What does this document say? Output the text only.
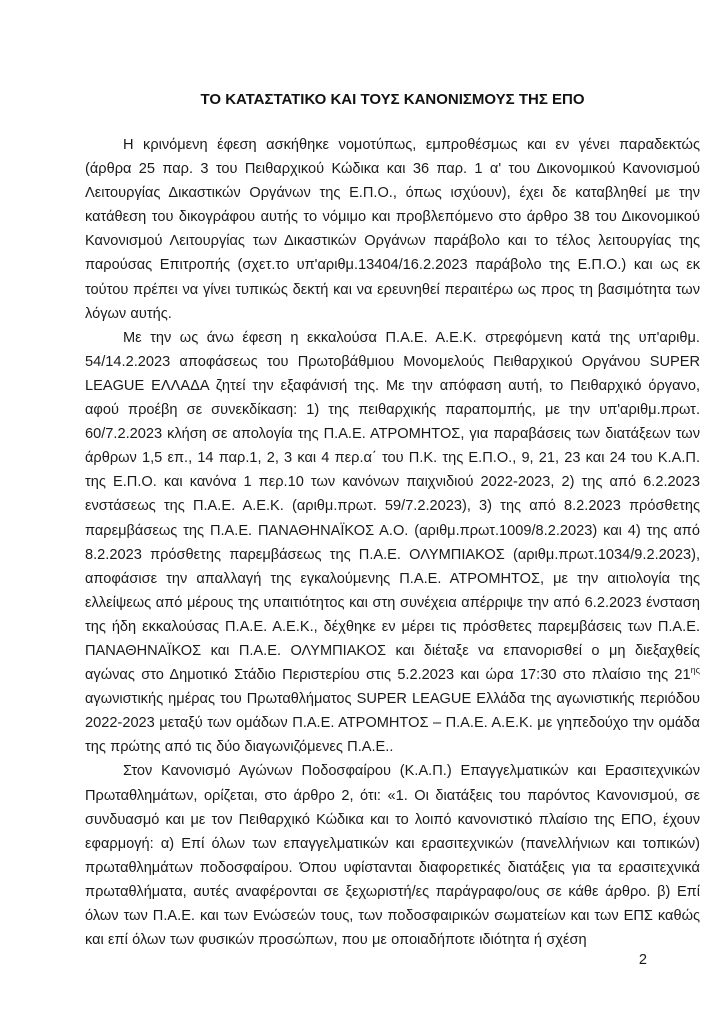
ΤΟ ΚΑΤΑΣΤΑΤΙΚΟ ΚΑΙ ΤΟΥΣ ΚΑΝΟΝΙΣΜΟΥΣ ΤΗΣ ΕΠΟ

Η κρινόμενη έφεση ασκήθηκε νομοτύπως, εμπροθέσμως και εν γένει παραδεκτώς (άρθρα 25 παρ. 3 του Πειθαρχικού Κώδικα και 36 παρ. 1 α' του Δικονομικού Κανονισμού Λειτουργίας Δικαστικών Οργάνων της Ε.Π.Ο., όπως ισχύουν), έχει δε καταβληθεί με την κατάθεση του δικογράφου αυτής το νόμιμο και προβλεπόμενο στο άρθρο 38 του Δικονομικού Κανονισμού Λειτουργίας των Δικαστικών Οργάνων παράβολο και το τέλος λειτουργίας της παρούσας Επιτροπής (σχετ.το υπ'αριθμ.13404/16.2.2023 παράβολο της Ε.Π.Ο.) και ως εκ τούτου πρέπει να γίνει τυπικώς δεκτή και να ερευνηθεί περαιτέρω ως προς τη βασιμότητα των λόγων αυτής.

Με την ως άνω έφεση η εκκαλούσα Π.Α.Ε. Α.Ε.Κ. στρεφόμενη κατά της υπ'αριθμ. 54/14.2.2023 αποφάσεως του Πρωτοβάθμιου Μονομελούς Πειθαρχικού Οργάνου SUPER LEAGUE ΕΛΛΑΔΑ ζητεί την εξαφάνισή της. Με την απόφαση αυτή, το Πειθαρχικό όργανο, αφού προέβη σε συνεκδίκαση: 1) της πειθαρχικής παραπομπής, με την υπ'αριθμ.πρωτ. 60/7.2.2023 κλήση σε απολογία της Π.Α.Ε. ΑΤΡΟΜΗΤΟΣ, για παραβάσεις των διατάξεων των άρθρων 1,5 επ., 14 παρ.1, 2, 3 και 4 περ.α΄ του Π.Κ. της Ε.Π.Ο., 9, 21, 23 και 24 του Κ.Α.Π. της Ε.Π.Ο. και κανόνα 1 περ.10 των κανόνων παιχνιδιού 2022-2023, 2) της από 6.2.2023 ενστάσεως της Π.Α.Ε. Α.Ε.Κ. (αριθμ.πρωτ. 59/7.2.2023), 3) της από 8.2.2023 πρόσθετης παρεμβάσεως της Π.Α.Ε. ΠΑΝΑΘΗΝΑΪΚΟΣ Α.Ο. (αριθμ.πρωτ.1009/8.2.2023) και 4) της από 8.2.2023 πρόσθετης παρεμβάσεως της Π.Α.Ε. ΟΛΥΜΠΙΑΚΟΣ (αριθμ.πρωτ.1034/9.2.2023), αποφάσισε την απαλλαγή της εγκαλούμενης Π.Α.Ε. ΑΤΡΟΜΗΤΟΣ, με την αιτιολογία της ελλείψεως από μέρους της υπαιτιότητος και στη συνέχεια απέρριψε την από 6.2.2023 ένσταση της ήδη εκκαλούσας Π.Α.Ε. Α.Ε.Κ., δέχθηκε εν μέρει τις πρόσθετες παρεμβάσεις των Π.Α.Ε. ΠΑΝΑΘΗΝΑΪΚΟΣ και Π.Α.Ε. ΟΛΥΜΠΙΑΚΟΣ και διέταξε να επανορισθεί ο μη διεξαχθείς αγώνας στο Δημοτικό Στάδιο Περιστερίου στις 5.2.2023 και ώρα 17:30 στο πλαίσιο της $21^{\eta\varsigma}$ αγωνιστικής ημέρας του Πρωταθλήματος SUPER LEAGUE Ελλάδα της αγωνιστικής περιόδου 2022-2023 μεταξύ των ομάδων Π.Α.Ε. ΑΤΡΟΜΗΤΟΣ – Π.Α.Ε. Α.Ε.Κ. με γηπεδούχο την ομάδα της πρώτης από τις δύο διαγωνιζόμενες Π.Α.Ε..

Στον Κανονισμό Αγώνων Ποδοσφαίρου (Κ.Α.Π.) Επαγγελματικών και Ερασιτεχνικών Πρωταθλημάτων, ορίζεται, στο άρθρο 2, ότι: «1. Οι διατάξεις του παρόντος Κανονισμού, σε συνδυασμό και με τον Πειθαρχικό Κώδικα και το λοιπό κανονιστικό πλαίσιο της ΕΠΟ, έχουν εφαρμογή: α) Επί όλων των επαγγελματικών και ερασιτεχνικών (πανελλήνιων και τοπικών) πρωταθλημάτων ποδοσφαίρου. Όπου υφίστανται διαφορετικές διατάξεις για τα ερασιτεχνικά πρωταθλήματα, αυτές αναφέρονται σε ξεχωριστή/ες παράγραφο/ους σε κάθε άρθρο. β) Επί όλων των Π.Α.Ε. και των Ενώσεών τους, των ποδοσφαιρικών σωματείων και των ΕΠΣ καθώς και επί όλων των φυσικών προσώπων, που με οποιαδήποτε ιδιότητα ή σχέση

2
